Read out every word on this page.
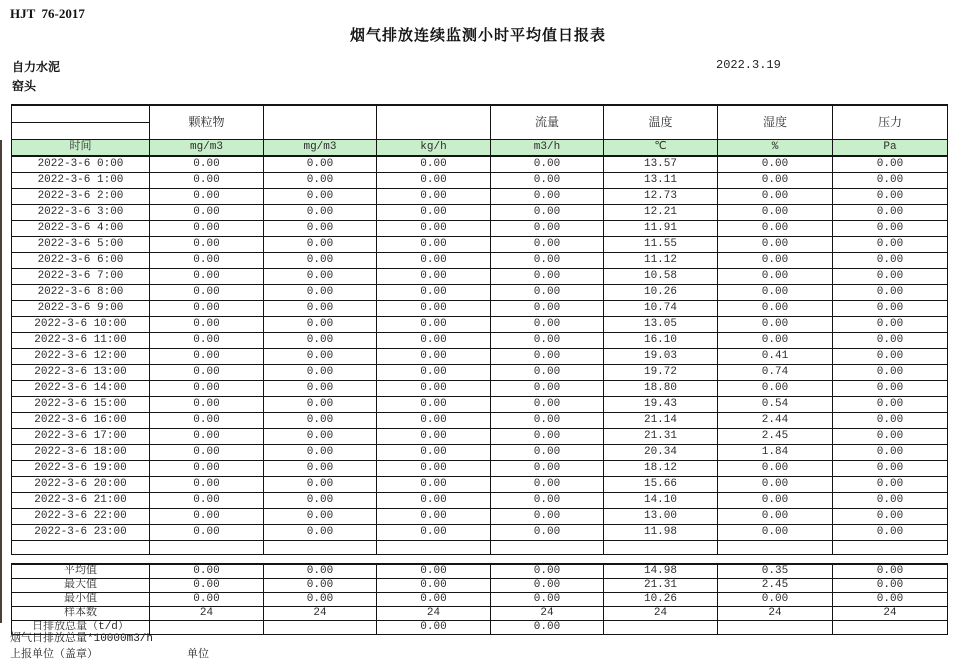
HJT  76-2017
烟气排放连续监测小时平均值日报表
自力水泥	2022.3.19
窑头
	颗粒物			流量	温度	湿度	压力

时间	mg/m3	mg/m3	kg/h	m3/h	℃	%	Pa
2022-3-6 0:00	0.00	0.00	0.00	0.00	13.57	0.00	0.00
2022-3-6 1:00	0.00	0.00	0.00	0.00	13.11	0.00	0.00
2022-3-6 2:00	0.00	0.00	0.00	0.00	12.73	0.00	0.00
2022-3-6 3:00	0.00	0.00	0.00	0.00	12.21	0.00	0.00
2022-3-6 4:00	0.00	0.00	0.00	0.00	11.91	0.00	0.00
2022-3-6 5:00	0.00	0.00	0.00	0.00	11.55	0.00	0.00
2022-3-6 6:00	0.00	0.00	0.00	0.00	11.12	0.00	0.00
2022-3-6 7:00	0.00	0.00	0.00	0.00	10.58	0.00	0.00
2022-3-6 8:00	0.00	0.00	0.00	0.00	10.26	0.00	0.00
2022-3-6 9:00	0.00	0.00	0.00	0.00	10.74	0.00	0.00
2022-3-6 10:00	0.00	0.00	0.00	0.00	13.05	0.00	0.00
2022-3-6 11:00	0.00	0.00	0.00	0.00	16.10	0.00	0.00
2022-3-6 12:00	0.00	0.00	0.00	0.00	19.03	0.41	0.00
2022-3-6 13:00	0.00	0.00	0.00	0.00	19.72	0.74	0.00
2022-3-6 14:00	0.00	0.00	0.00	0.00	18.80	0.00	0.00
2022-3-6 15:00	0.00	0.00	0.00	0.00	19.43	0.54	0.00
2022-3-6 16:00	0.00	0.00	0.00	0.00	21.14	2.44	0.00
2022-3-6 17:00	0.00	0.00	0.00	0.00	21.31	2.45	0.00
2022-3-6 18:00	0.00	0.00	0.00	0.00	20.34	1.84	0.00
2022-3-6 19:00	0.00	0.00	0.00	0.00	18.12	0.00	0.00
2022-3-6 20:00	0.00	0.00	0.00	0.00	15.66	0.00	0.00
2022-3-6 21:00	0.00	0.00	0.00	0.00	14.10	0.00	0.00
2022-3-6 22:00	0.00	0.00	0.00	0.00	13.00	0.00	0.00
2022-3-6 23:00	0.00	0.00	0.00	0.00	11.98	0.00	0.00

平均值	0.00	0.00	0.00	0.00	14.98	0.35	0.00
最大值	0.00	0.00	0.00	0.00	21.31	2.45	0.00
最小值	0.00	0.00	0.00	0.00	10.26	0.00	0.00
样本数	24	24	24	24	24	24	24
日排放总量（t/d）			0.00	0.00			
烟气日排放总量*10000m3/h
上报单位（盖章）	单位
